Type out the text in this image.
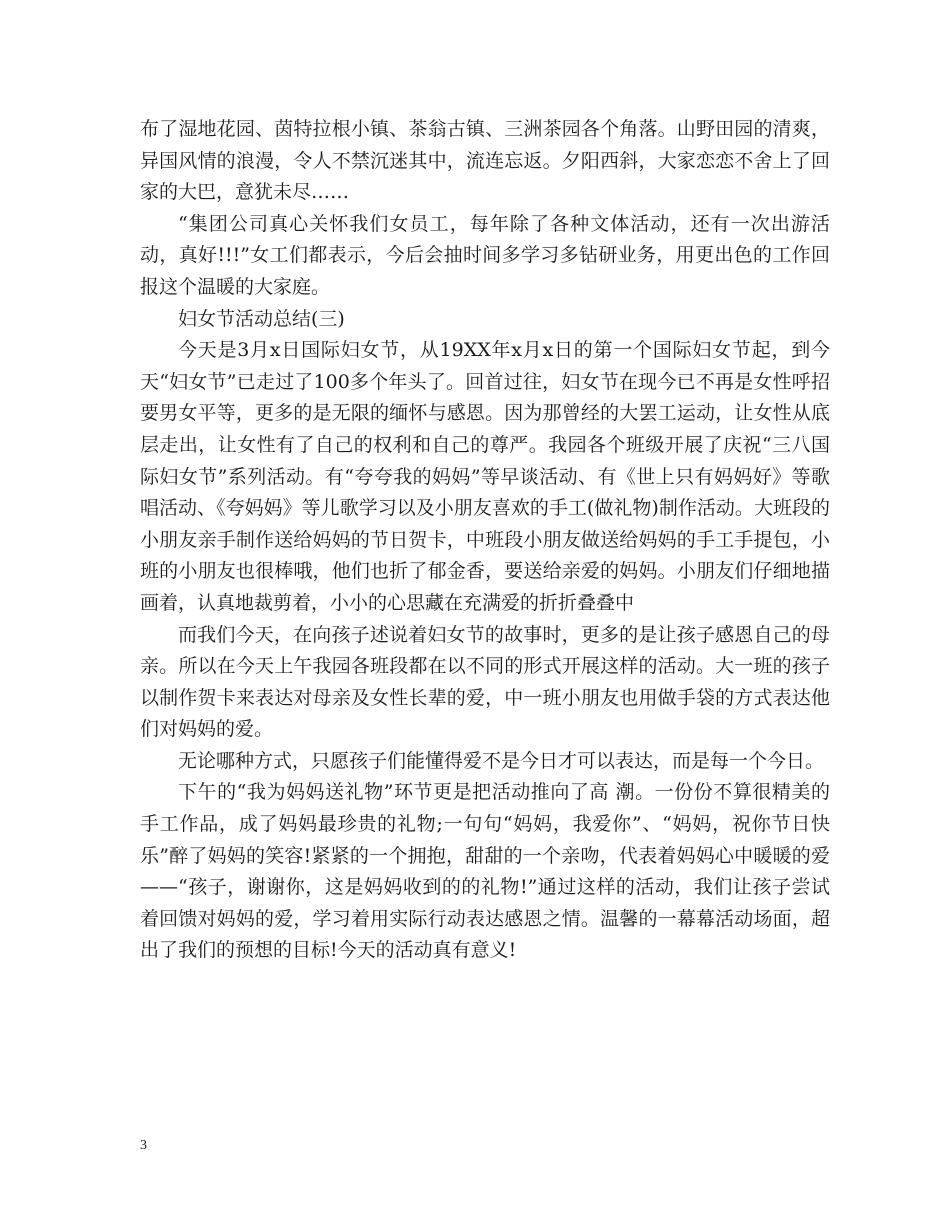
布了湿地花园、茵特拉根小镇、茶翁古镇、三洲茶园各个角落。山野田园的清爽，异国风情的浪漫，令人不禁沉迷其中，流连忘返。夕阳西斜，大家恋恋不舍上了回家的大巴，意犹未尽……

“集团公司真心关怀我们女员工，每年除了各种文体活动，还有一次出游活动，真好!!!”女工们都表示，今后会抽时间多学习多钻研业务，用更出色的工作回报这个温暖的大家庭。

妇女节活动总结(三)

今天是3月x日国际妇女节，从19XX年x月x日的第一个国际妇女节起，到今天“妇女节”已走过了100多个年头了。回首过往，妇女节在现今已不再是女性呼招要男女平等，更多的是无限的缅怀与感恩。因为那曾经的大罢工运动，让女性从底层走出，让女性有了自己的权利和自己的尊严。我园各个班级开展了庆祝“三八国际妇女节”系列活动。有“夸夸我的妈妈”等早谈活动、有《世上只有妈妈好》等歌唱活动、《夸妈妈》等儿歌学习以及小朋友喜欢的手工(做礼物)制作活动。大班段的小朋友亲手制作送给妈妈的节日贺卡，中班段小朋友做送给妈妈的手工手提包，小班的小朋友也很棒哦，他们也折了郁金香，要送给亲爱的妈妈。小朋友们仔细地描画着，认真地裁剪着，小小的心思藏在充满爱的折折叠叠中

而我们今天，在向孩子述说着妇女节的故事时，更多的是让孩子感恩自己的母亲。所以在今天上午我园各班段都在以不同的形式开展这样的活动。大一班的孩子以制作贺卡来表达对母亲及女性长辈的爱，中一班小朋友也用做手袋的方式表达他们对妈妈的爱。

无论哪种方式，只愿孩子们能懂得爱不是今日才可以表达，而是每一个今日。

下午的“我为妈妈送礼物”环节更是把活动推向了高 潮。一份份不算很精美的手工作品，成了妈妈最珍贵的礼物;一句句“妈妈，我爱你”、“妈妈，祝你节日快乐”醉了妈妈的笑容!紧紧的一个拥抱，甜甜的一个亲吻，代表着妈妈心中暖暖的爱——“孩子，谢谢你，这是妈妈收到的的礼物!”通过这样的活动，我们让孩子尝试着回馈对妈妈的爱，学习着用实际行动表达感恩之情。温馨的一幕幕活动场面，超出了我们的预想的目标!今天的活动真有意义!

3
